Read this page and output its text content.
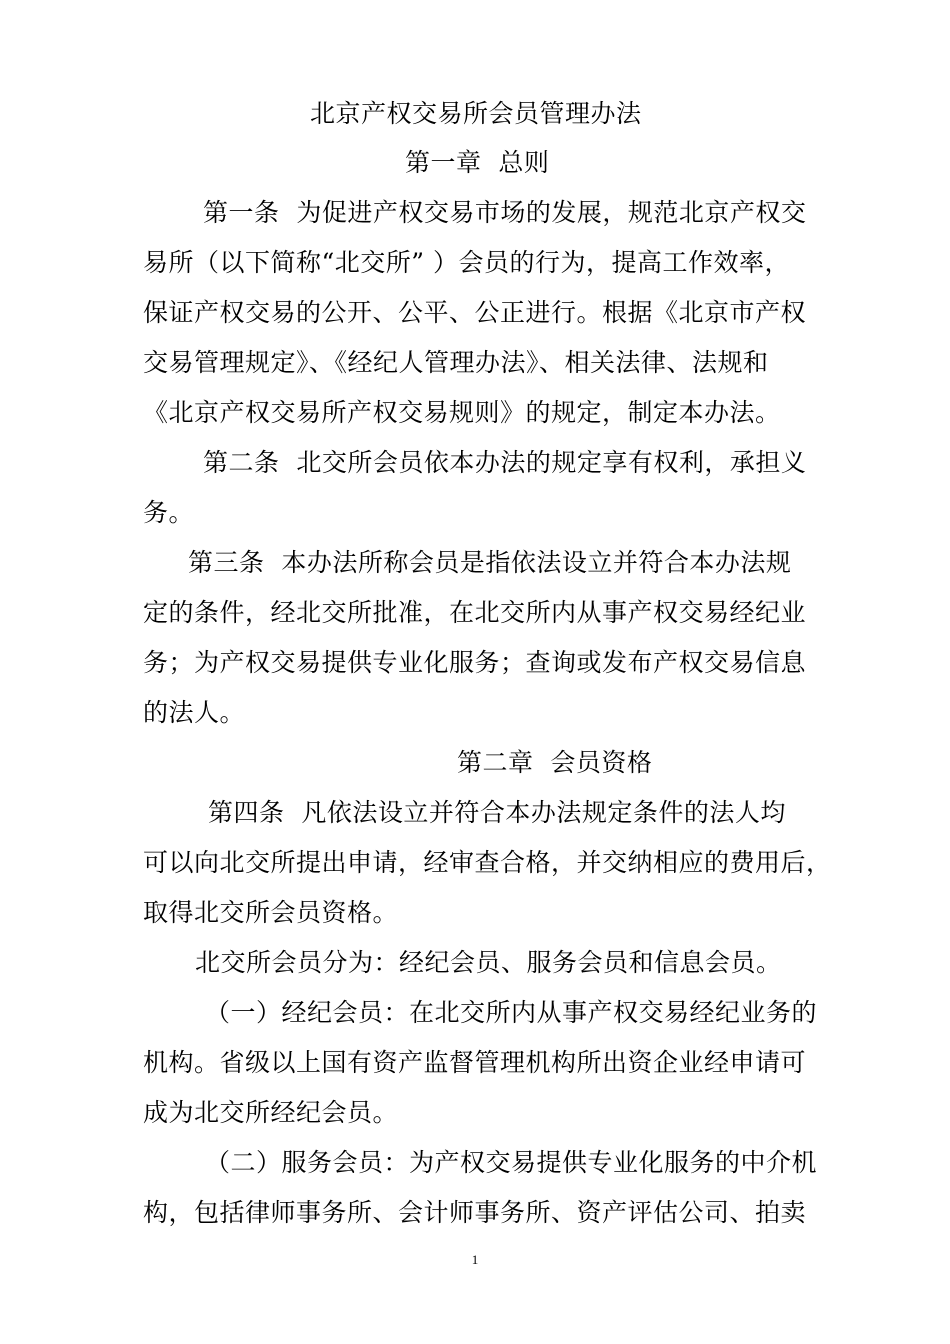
北京产权交易所会员管理办法
第一章  总则
第一条  为促进产权交易市场的发展，规范北京产权交
易所（以下简称“北交所” ）会员的行为，提高工作效率，
保证产权交易的公开、公平、公正进行。根据《北京市产权
交易管理规定》、《经纪人管理办法》、相关法律、法规和
《北京产权交易所产权交易规则》的规定，制定本办法。
第二条  北交所会员依本办法的规定享有权利，承担义
务。
第三条  本办法所称会员是指依法设立并符合本办法规
定的条件，经北交所批准，在北交所内从事产权交易经纪业
务；为产权交易提供专业化服务；查询或发布产权交易信息
的法人。
第二章  会员资格
第四条  凡依法设立并符合本办法规定条件的法人均
可以向北交所提出申请，经审查合格，并交纳相应的费用后，
取得北交所会员资格。
北交所会员分为：经纪会员、服务会员和信息会员。
（一）经纪会员：在北交所内从事产权交易经纪业务的
机构。省级以上国有资产监督管理机构所出资企业经申请可
成为北交所经纪会员。
（二）服务会员：为产权交易提供专业化服务的中介机
构，包括律师事务所、会计师事务所、资产评估公司、拍卖
1
